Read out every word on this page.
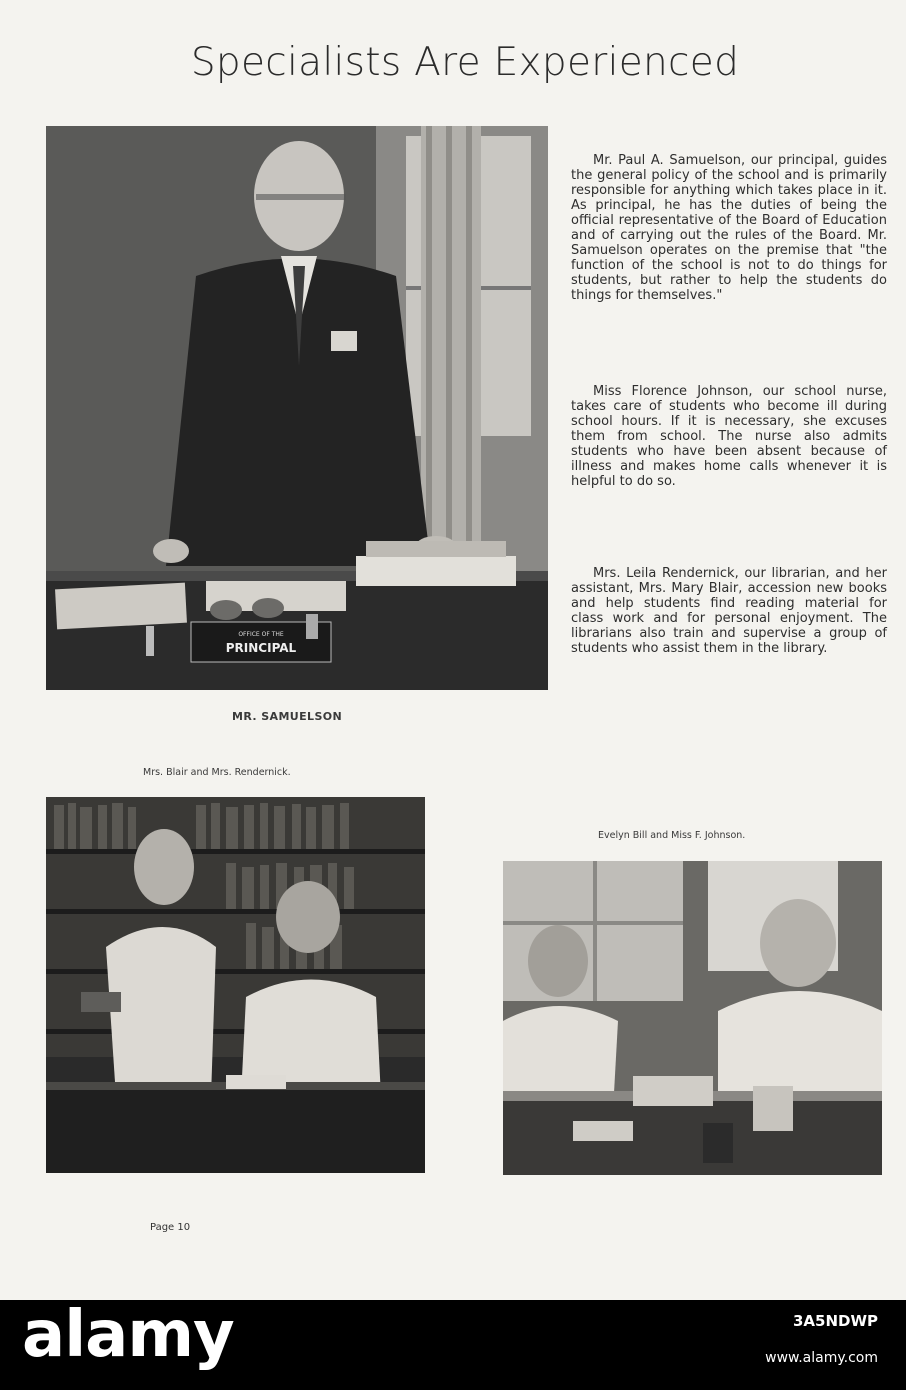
Specialists Are Experienced
OFFICE OF THE
PRINCIPAL
MR. SAMUELSON

Mr. Paul A. Samuelson, our principal, guides the general policy of the school and is primarily responsible for anything which takes place in it. As principal, he has the duties of being the official representative of the Board of Education and of carrying out the rules of the Board. Mr. Samuelson operates on the premise that "the function of the school is not to do things for students, but rather to help the students do things for themselves."

Miss Florence Johnson, our school nurse, takes care of students who become ill during school hours. If it is necessary, she excuses them from school. The nurse also admits students who have been absent because of illness and makes home calls whenever it is helpful to do so.

Mrs. Leila Rendernick, our librarian, and her assistant, Mrs. Mary Blair, accession new books and help students find reading material for class work and for personal enjoyment. The librarians also train and supervise a group of students who assist them in the library.

Mrs. Blair and Mrs. Rendernick.
Evelyn Bill and Miss F. Johnson.
Page 10
alamy	3A5NDWP
www.alamy.com
